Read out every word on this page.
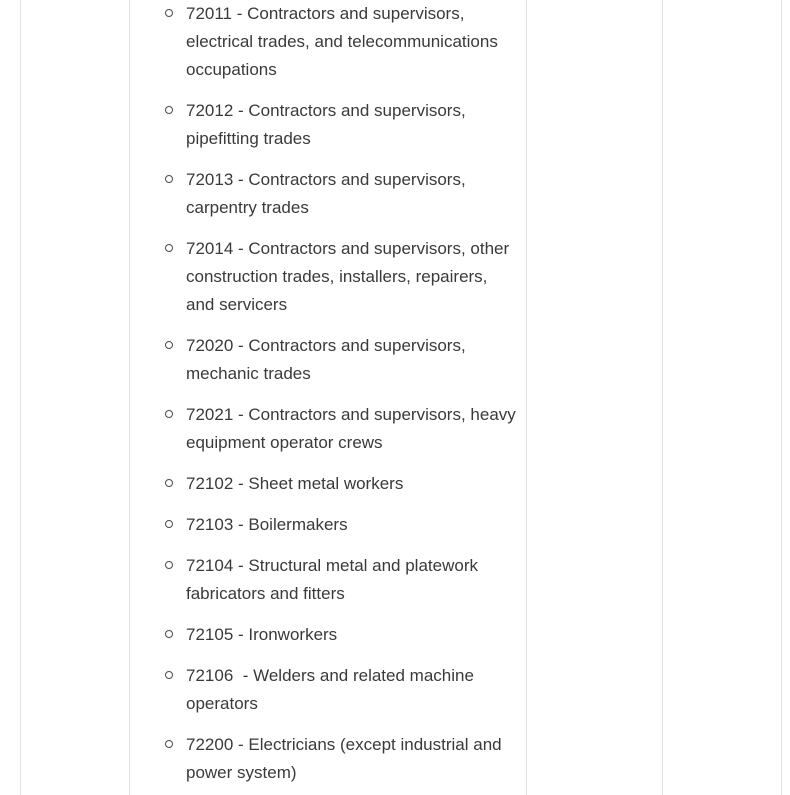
72011 - Contractors and supervisors, electrical trades, and telecommunications occupations
72012 - Contractors and supervisors, pipefitting trades
72013 - Contractors and supervisors, carpentry trades
72014 - Contractors and supervisors, other construction trades, installers, repairers, and servicers
72020 - Contractors and supervisors, mechanic trades
72021 - Contractors and supervisors, heavy equipment operator crews
72102 - Sheet metal workers
72103 - Boilermakers
72104 - Structural metal and platework fabricators and fitters
72105 - Ironworkers
72106  - Welders and related machine operators
72200 - Electricians (except industrial and power system)
